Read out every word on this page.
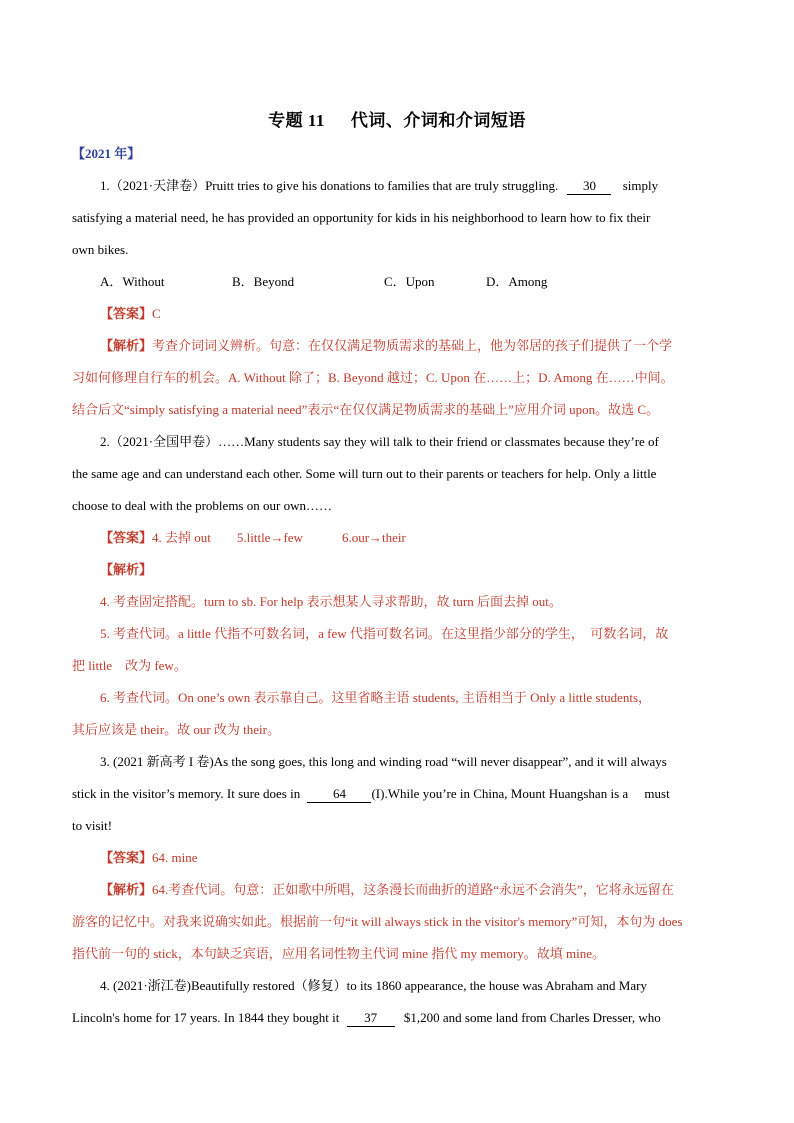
专题 11 代词、介词和介词短语
【2021 年】
1.（2021·天津卷）Pruitt tries to give his donations to families that are truly struggling. 30 simply
satisfying a material need, he has provided an opportunity for kids in his neighborhood to learn how to fix their
own bikes.
A．Without	B．Beyond	C．Upon	D．Among
【答案】C
【解析】考查介词词义辨析。句意：在仅仅满足物质需求的基础上，他为邻居的孩子们提供了一个学
习如何修理自行车的机会。A. Without 除了；B. Beyond 越过；C. Upon 在……上；D. Among 在……中间。
结合后文“simply satisfying a material need”表示“在仅仅满足物质需求的基础上”应用介词 upon。故选 C。
2.（2021·全国甲卷）……Many students say they will talk to their friend or classmates because they’re of
the same age and can understand each other. Some will turn out to their parents or teachers for help. Only a little
choose to deal with the problems on our own……
【答案】4. 去掉 out　　5.little→few　　　6.our→their
【解析】
4. 考查固定搭配。turn to sb. For help 表示想某人寻求帮助，故 turn 后面去掉 out。
5. 考查代词。a little 代指不可数名词，a few 代指可数名词。在这里指少部分的学生，　可数名词，故
把 little　改为 few。
6. 考查代词。On one’s own 表示靠自己。这里省略主语 students, 主语相当于 Only a little students，
其后应该是 their。故 our 改为 their。
3. (2021 新高考 I 卷)As the song goes, this long and winding road “will never disappear”, and it will always
stick in the visitor’s memory. It sure does in	64 (I).While you’re in China, Mount Huangshan is a　 must
to visit!
【答案】64. mine
【解析】64.考查代词。句意：正如歌中所唱，这条漫长而曲折的道路“永远不会消失”，它将永远留在
游客的记忆中。对我来说确实如此。根据前一句“it will always stick in the visitor's memory”可知，本句为 does
指代前一句的 stick，本句缺乏宾语，应用名词性物主代词 mine 指代 my memory。故填 mine。
4. (2021·浙江卷)Beautifully restored（修复）to its 1860 appearance, the house was Abraham and Mary
Lincoln's home for 17 years. In 1844 they bought it 37 $1,200 and some land from Charles Dresser, who
